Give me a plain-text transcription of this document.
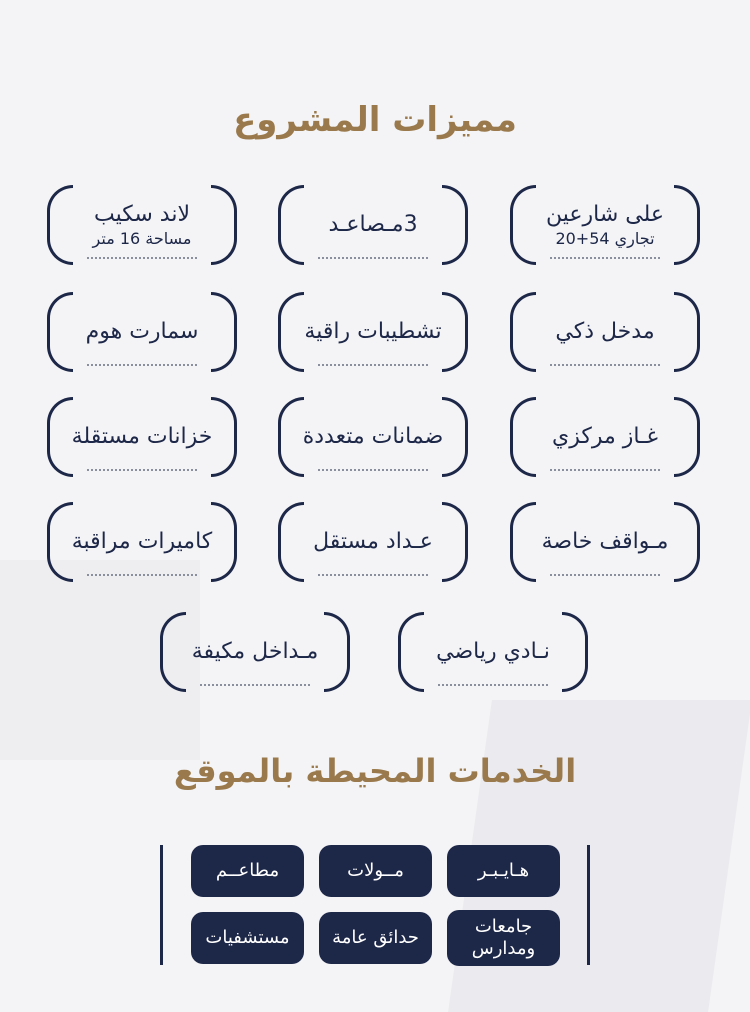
مميزات المشروع
على شارعين
تجاري 54+20
3مـصاعـد
لاند سكيب
مساحة 16 متر
مدخل ذكي
تشطيبات راقية
سمارت هوم
غـاز مركزي
ضمانات متعددة
خزانات مستقلة
مـواقف خاصة
عـداد مستقل
كاميرات مراقبة
نـادي رياضي
مـداخل مكيفة
الخدمات المحيطة بالموقع
هـايـبـر
مــولات
مطاعــم
جامعات ومدارس
حدائق عامة
مستشفيات
